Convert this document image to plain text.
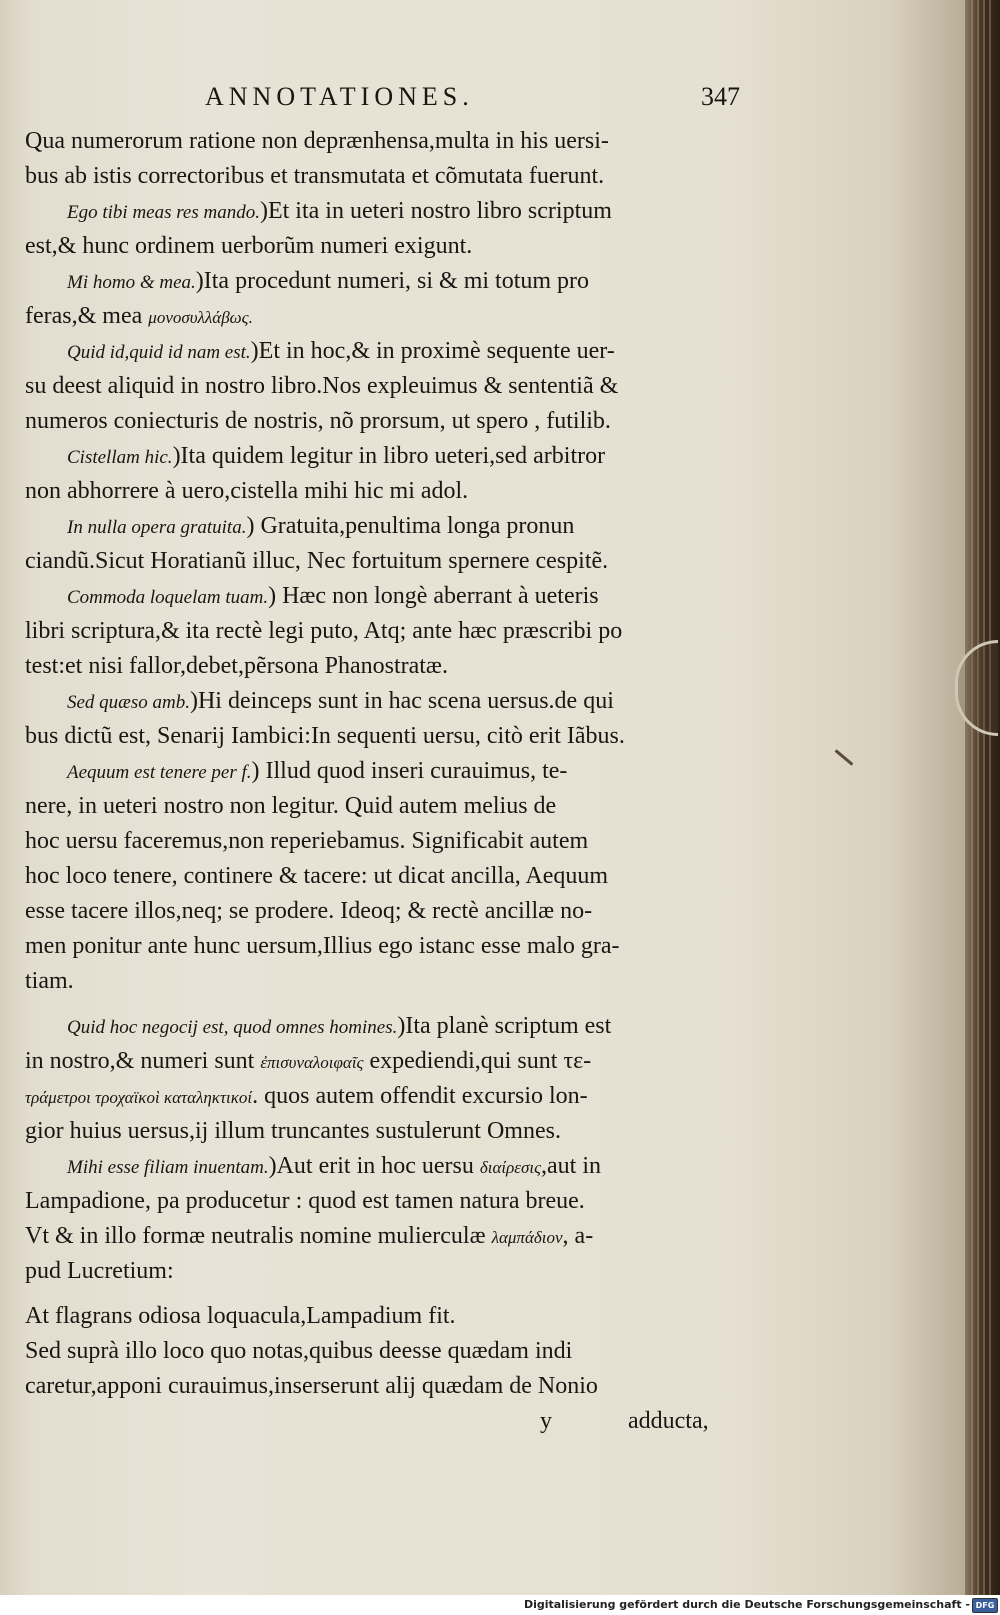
ANNOTATIONES.	347
Qua numerorum ratione non deprænhensa,multa in his uersi-
bus ab istis correctoribus et transmutata et cõmutata fuerunt.
Ego tibi meas res mando.)Et ita in ueteri nostro libro scriptum
est,& hunc ordinem uerborũm numeri exigunt.
Mi homo & mea.)Ita procedunt numeri, si & mi totum pro
feras,& mea μονοσυλλάβως.
Quid id,quid id nam est.)Et in hoc,& in proximè sequente uer-
su deest aliquid in nostro libro.Nos expleuimus & sententiã &
numeros coniecturis de nostris, nõ prorsum, ut spero , futilib.
Cistellam hic.)Ita quidem legitur in libro ueteri,sed arbitror
non abhorrere à uero,cistella mihi hic mi adol.
In nulla opera gratuita.) Gratuita,penultima longa pronun
ciandũ.Sicut Horatianũ illuc, Nec fortuitum spernere cespitẽ.
Commoda loquelam tuam.) Hæc non longè aberrant à ueteris
libri scriptura,& ita rectè legi puto, Atq; ante hæc præscribi po
test:et nisi fallor,debet,pẽrsona Phanostratæ.
Sed quæso amb.)Hi deinceps sunt in hac scena uersus.de qui
bus dictũ est, Senarij Iambici:In sequenti uersu, citò erit Iãbus.
Aequum est tenere per f.) Illud quod inseri curauimus, te-
nere, in ueteri nostro non legitur. Quid autem melius de
hoc uersu faceremus,non reperiebamus. Significabit autem
hoc loco tenere, continere & tacere: ut dicat ancilla, Aequum
esse tacere illos,neq; se prodere. Ideoq; & rectè ancillæ no-
men ponitur ante hunc uersum,Illius ego istanc esse malo gra-
tiam.
Quid hoc negocij est, quod omnes homines.)Ita planè scriptum est
in nostro,& numeri sunt ἐπισυναλοιφαῖς expediendi,qui sunt τε-
τράμετροι τροχαϊκοὶ καταληκτικοί. quos autem offendit excursio lon-
gior huius uersus,ij illum truncantes sustulerunt Omnes.
Mihi esse filiam inuentam.)Aut erit in hoc uersu διαίρεσις,aut in
Lampadione, pa producetur : quod est tamen natura breue.
Vt & in illo formæ neutralis nomine mulierculæ λαμπάδιον, a-
pud Lucretium:
At flagrans odiosa loquacula,Lampadium fit.
Sed suprà illo loco quo notas,quibus deesse quædam indi
caretur,apponi curauimus,inserserunt alij quædam de Nonio
y	adducta,
Digitalisierung gefördert durch die Deutsche Forschungsgemeinschaft - DFG
